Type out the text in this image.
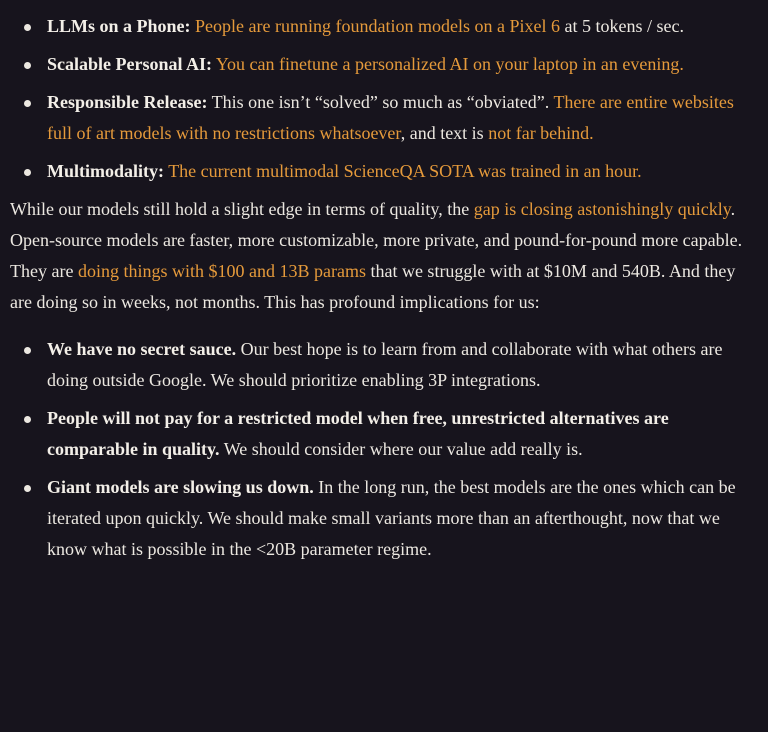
LLMs on a Phone: People are running foundation models on a Pixel 6 at 5 tokens / sec.
Scalable Personal AI: You can finetune a personalized AI on your laptop in an evening.
Responsible Release: This one isn’t “solved” so much as “obviated”. There are entire websites full of art models with no restrictions whatsoever, and text is not far behind.
Multimodality: The current multimodal ScienceQA SOTA was trained in an hour.

While our models still hold a slight edge in terms of quality, the gap is closing astonishingly quickly. Open-source models are faster, more customizable, more private, and pound-for-pound more capable. They are doing things with $100 and 13B params that we struggle with at $10M and 540B. And they are doing so in weeks, not months. This has profound implications for us:

We have no secret sauce. Our best hope is to learn from and collaborate with what others are doing outside Google. We should prioritize enabling 3P integrations.
People will not pay for a restricted model when free, unrestricted alternatives are comparable in quality. We should consider where our value add really is.
Giant models are slowing us down. In the long run, the best models are the ones which can be iterated upon quickly. We should make small variants more than an afterthought, now that we know what is possible in the <20B parameter regime.
